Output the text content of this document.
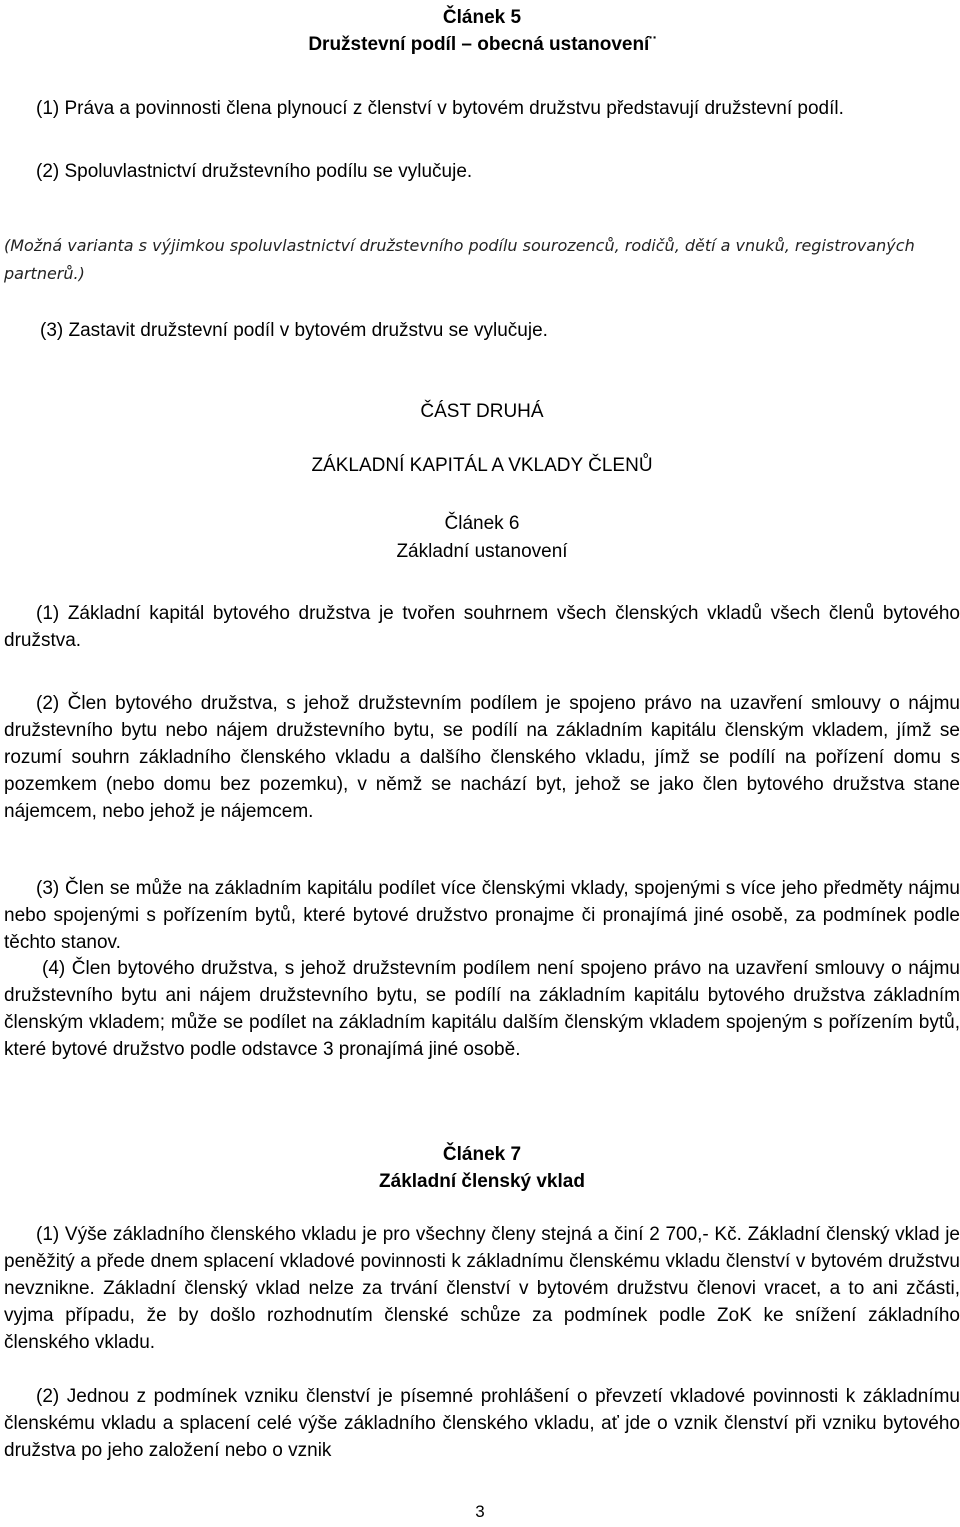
Článek 5
Družstevní podíl – obecná ustanovení¨

(1) Práva a povinnosti člena plynoucí z členství v bytovém družstvu představují družstevní podíl.

(2) Spoluvlastnictví družstevního podílu se vylučuje.

(Možná varianta s výjimkou spoluvlastnictví družstevního podílu sourozenců, rodičů, dětí a vnuků, registrovaných partnerů.)

(3) Zastavit družstevní podíl v bytovém družstvu se vylučuje.

ČÁST DRUHÁ
ZÁKLADNÍ KAPITÁL A VKLADY ČLENŮ
Článek 6
Základní ustanovení

(1) Základní kapitál bytového družstva je tvořen souhrnem všech členských vkladů všech členů bytového družstva.

(2) Člen bytového družstva, s jehož družstevním podílem je spojeno právo na uzavření smlouvy o nájmu družstevního bytu nebo nájem družstevního bytu, se podílí na základním kapitálu členským vkladem, jímž se rozumí souhrn základního členského vkladu a dalšího členského vkladu, jímž se podílí na pořízení domu s pozemkem (nebo domu bez pozemku), v němž se nachází byt, jehož se jako člen bytového družstva stane nájemcem, nebo jehož je nájemcem.

(3) Člen se může na základním kapitálu podílet více členskými vklady, spojenými s více jeho předměty nájmu nebo spojenými s pořízením bytů, které bytové družstvo pronajme či pronajímá jiné osobě, za podmínek podle těchto stanov.

(4) Člen bytového družstva, s jehož družstevním podílem není spojeno právo na uzavření smlouvy o nájmu družstevního bytu ani nájem družstevního bytu, se podílí na základním kapitálu bytového družstva základním členským vkladem; může se podílet na základním kapitálu dalším členským vkladem spojeným s pořízením bytů, které bytové družstvo podle odstavce 3 pronajímá jiné osobě.

Článek 7
Základní členský vklad

(1) Výše základního členského vkladu je pro všechny členy stejná a činí 2 700,- Kč. Základní členský vklad je peněžitý a přede dnem splacení vkladové povinnosti k základnímu členskému vkladu členství v bytovém družstvu nevznikne. Základní členský vklad nelze za trvání členství v bytovém družstvu členovi vracet, a to ani zčásti, vyjma případu, že by došlo rozhodnutím členské schůze za podmínek podle ZoK ke snížení základního členského vkladu.

(2) Jednou z podmínek vzniku členství je písemné prohlášení o převzetí vkladové povinnosti k základnímu členskému vkladu a splacení celé výše základního členského vkladu, ať jde o vznik členství při vzniku bytového družstva po jeho založení nebo o vznik

3
